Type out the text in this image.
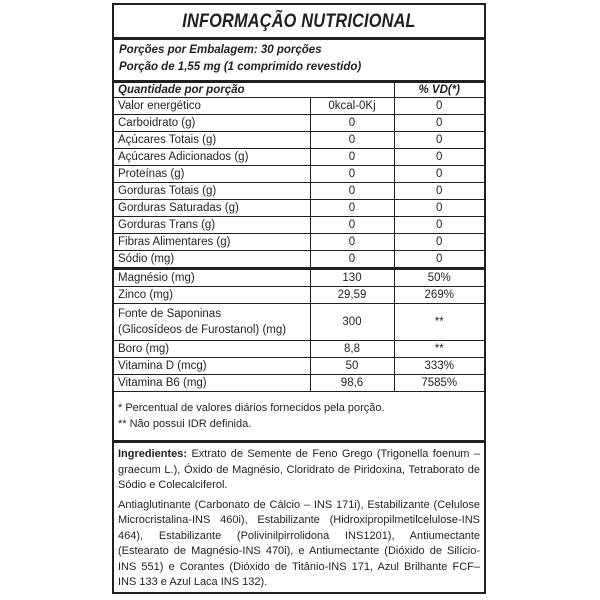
INFORMAÇÃO NUTRICIONAL
Porções por Embalagem: 30 porções
Porção de 1,55 mg (1 comprimido revestido)
Quantidade por porção		% VD(*)
Valor energético	0kcal-0Kj	0
Carboidrato (g)	0	0
Açúcares Totais (g)	0	0
Açúcares Adicionados (g)	0	0
Proteínas (g)	0	0
Gorduras Totais (g)	0	0
Gorduras Saturadas (g)	0	0
Gorduras Trans (g)	0	0
Fibras Alimentares (g)	0	0
Sódio (mg)	0	0
Magnésio (mg)	130	50%
Zinco (mg)	29,59	269%

Fonte de Saponinas
(Glicosídeos de Furostanol) (mg)	300	**
Boro (mg)	8,8	**
Vitamina D (mcg)	50	333%
Vitamina B6 (mg)	98,6	7585%
* Percentual de valores diários fornecidos pela porção.
** Não possui IDR definida.

Ingredientes: Extrato de Semente de Feno Grego (Trigonella foenum – graecum L.), Óxido de Magnésio, Cloridrato de Piridoxina, Tetraborato de Sódio e Colecalciferol.

Antiaglutinante (Carbonato de Cálcio – INS 171i), Estabilizante (Celulose Microcristalina-INS 460i), Estabilizante (Hidroxipropilmetilcelulose-INS 464), Estabilizante (Polivinilpirrolidona INS1201), Antiumectante (Estearato de Magnésio-INS 470i), e Antiumectante (Dióxido de Silício-INS 551) e Corantes (Dióxido de Titânio-INS 171, Azul Brilhante FCF– INS 133 e Azul Laca INS 132).
